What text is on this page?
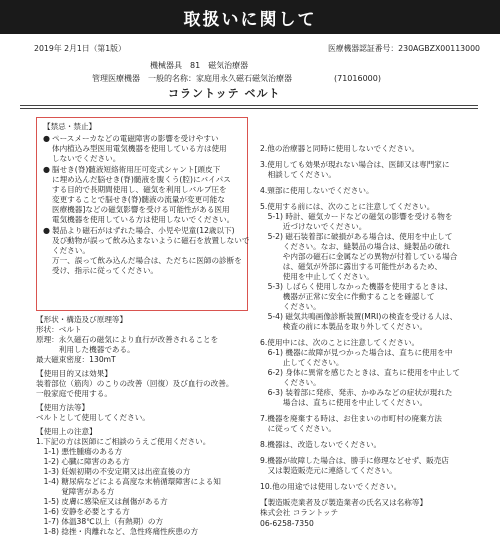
取扱いに関して
2019年 2月1日（第1版）	医療機器認証番号：230AGBZX00113000
機械器具　81　磁気治療器
管理医療機器　一般的名称：家庭用永久磁石磁気治療器	(71016000)
コラントッテ ベルト
【禁忌・禁止】
● ペースメーカなどの電磁障害の影響を受けやすい
体内植込み型医用電気機器を使用している方は使用
しないでください。
● 脳せき(脊)髄液短絡術用圧可変式シャント[頭皮下
に埋め込んだ脳せき(脊)髄液を腹くう(腔)にバイパス
する目的で長期間使用し、磁気を利用しバルブ圧を
変更することで脳せき(脊)髄液の流量が変更可能な
医療機器]などの磁気影響を受ける可能性がある医用
電気機器を使用している方は使用しないでください。
● 製品より磁石がはずれた場合、小児や児童(12歳以下)
及び動物が誤って飲み込まないように磁石を放置しないで
ください。
万一、誤って飲み込んだ場合は、ただちに医師の診断を
受け、指示に従ってください。
【形状・構造及び原理等】
形状：ベルト
原理：永久磁石の磁気により血行が改善されることを
　　　利用した機器である。
最大磁束密度：130mT
【使用目的又は効果】
装着部位（筋肉）のこりの改善（回復）及び血行の改善。
一般家庭で使用する。
【使用方法等】
ベルトとして使用してください。
【使用上の注意】
1.下記の方は医師にご相談のうえご使用ください。
　1-1) 悪性腫瘍のある方
　1-2) 心臓に障害のある方
　1-3) 妊娠初期の不安定期又は出産直後の方
　1-4) 糖尿病などによる高度な末梢循環障害による知
　　　 覚障害がある方
　1-5) 皮膚に感染症又は創傷がある方
　1-6) 安静を必要とする方
　1-7) 体温38℃以上（有熱期）の方
　1-8) 捻挫・肉離れなど、急性疼痛性疾患の方
2.他の治療器と同時に使用しないでください。
3.使用しても効果が現れない場合は、医師又は専門家に
　相談してください。
4.頸部に使用しないでください。
5.使用する前には、次のことに注意してください。
　5-1) 時計、磁気カードなどの磁気の影響を受ける物を
　　　近づけないでください。
　5-2) 磁石装着部に破損がある場合は、使用を中止して
　　　ください。なお、縫製品の場合は、縫製品の破れ
　　　や内部の磁石に金属などの異物が付着している場合
　　　は、磁気が外部に露出する可能性があるため、
　　　使用を中止してください。
　5-3) しばらく使用しなかった機器を使用するときは、
　　　機器が正常に安全に作動することを確認して
　　　ください。
　5-4) 磁気共鳴画像診断装置(MRI)の検査を受ける人は、
　　　検査の前に本製品を取り外してください。
6.使用中には、次のことに注意してください。
　6-1) 機器に故障が見つかった場合は、直ちに使用を中
　　　止してください。
　6-2) 身体に異常を感じたときは、直ちに使用を中止して
　　　ください。
　6-3) 装着部に発疹、発赤、かゆみなどの症状が現れた
　　　場合は、直ちに使用を中止してください。
7.機器を廃棄する時は、お住まいの市町村の廃棄方法
　に従ってください。
8.機器は、改造しないでください。
9.機器が故障した場合は、勝手に修理などせず、販売店
　又は製造販売元に連絡してください。
10.他の用途では使用しないでください。
【製造販売業者及び製造業者の氏名又は名称等】
株式会社 コラントッテ
06-6258-7350
